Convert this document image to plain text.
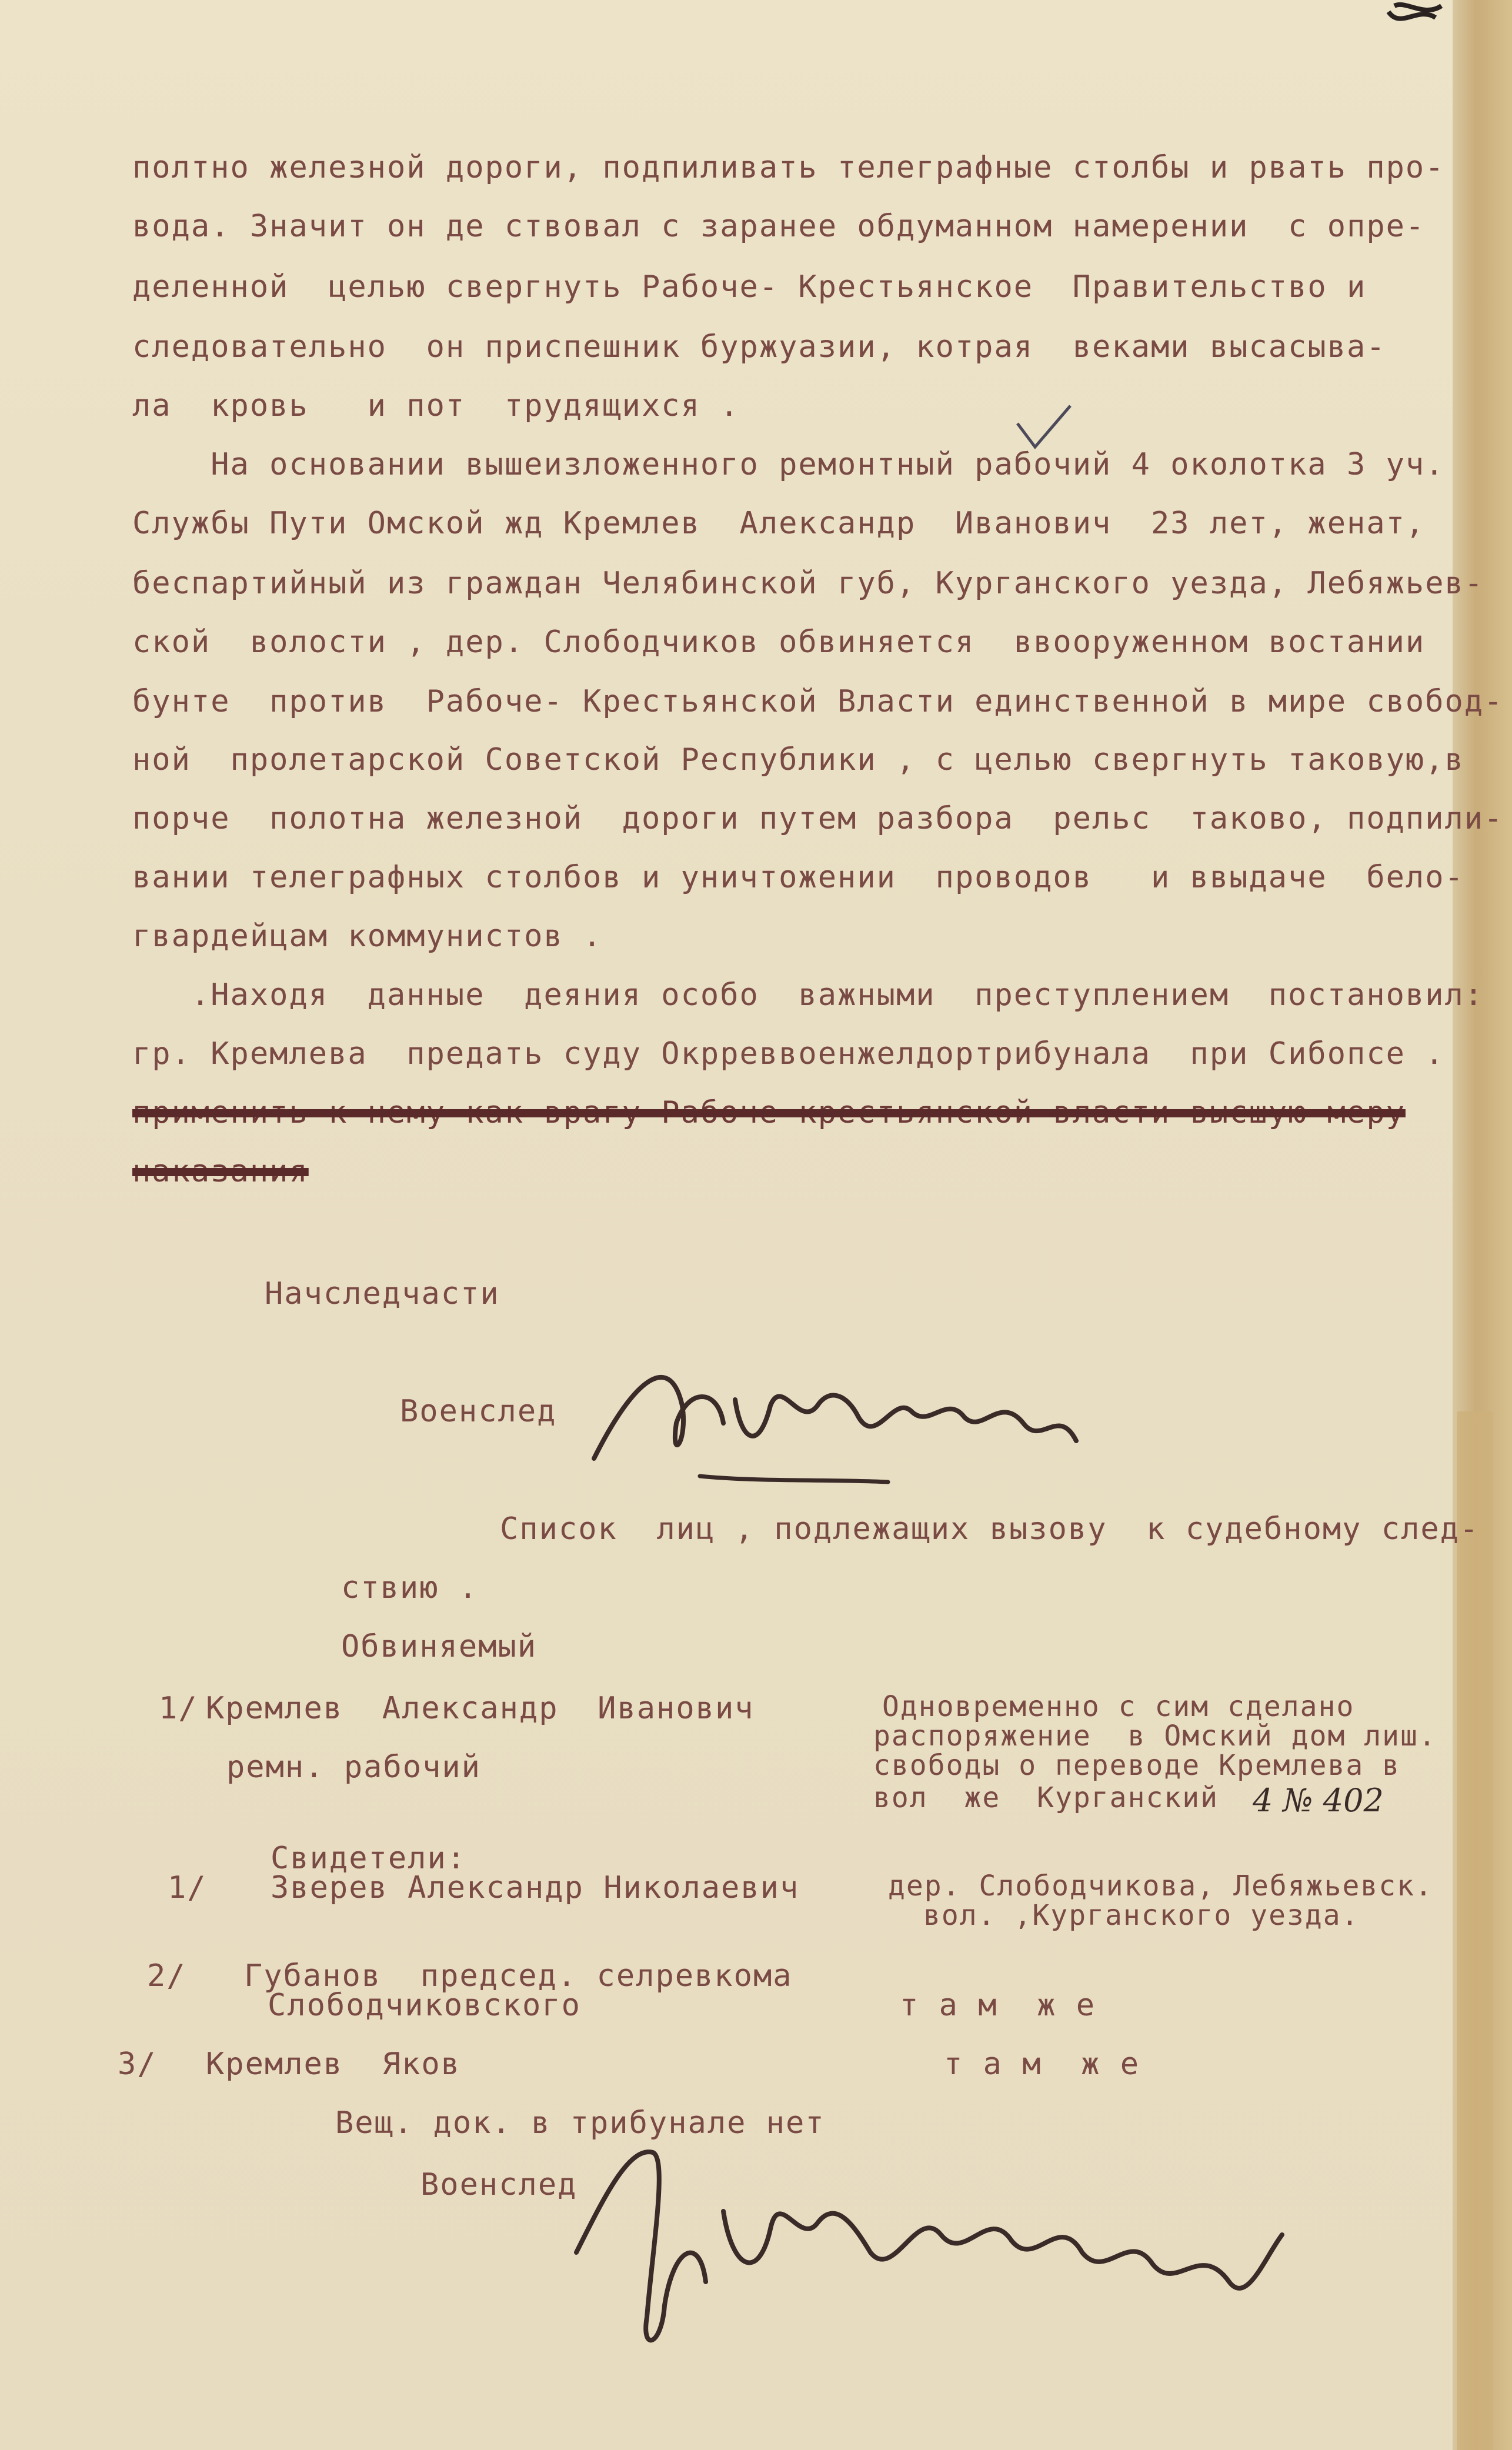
полтно железной дороги, подпиливать телеграфные столбы и рвать про-
вода. Значит он де ствовал с заранее обдуманном намерении  с опре-
деленной  целью свергнуть Рабоче- Крестьянское  Правительство и
следовательно  он приспешник буржуазии, котрая  веками высасыва-
ла  кровь   и пот  трудящихся .
На основании вышеизложенного ремонтный рабочий 4 околотка 3 уч.
Службы Пути Омской жд Кремлев  Александр  Иванович  23 лет, женат,
беспартийный из граждан Челябинской губ, Курганского уезда, Лебяжьев-
ской  волости , дер. Слободчиков обвиняется  ввооруженном востании
бунте  против  Рабоче- Крестьянской Власти единственной в мире свобод-
ной  пролетарской Советской Республики , с целью свергнуть таковую,в
порче  полотна железной  дороги путем разбора  рельс  таково, подпили-
вании телеграфных столбов и уничтожении  проводов   и ввыдаче  бело-
гвардейцам коммунистов .
.Находя  данные  деяния особо  важными  преступлением  постановил:
гр. Кремлева  предать суду Окрреввоенжелдортрибунала  при Сибопсе .
применить к нему как врагу Рабоче-крестьянской власти высшую меру
наказания
Начследчасти
Военслед
Список  лиц , подлежащих вызову  к судебному след-
ствию .
Обвиняемый
1/ Кремлев  Александр  Иванович
ремн. рабочий
Одновременно с сим сделано
распоряжение  в Омский дом лиш.
свободы о переводе Кремлева в
вол  же  Курганский 4 № 402
Свидетели:
1/ Зверев Александр Николаевич	дер. Слободчикова, Лебяжьевск.
вол. ,Курганского уезда.
2/ Губанов  председ. селревкома
Слободчиковского	т а м  ж е
3/ Кремлев  Яков	т а м  ж е
Вещ. док. в трибунале нет
Военслед
